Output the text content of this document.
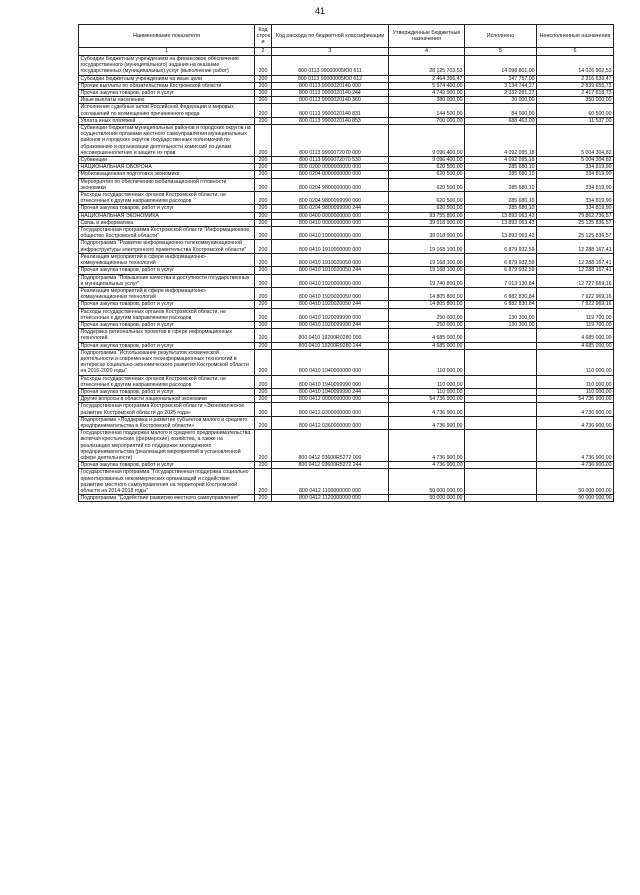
41
Наименование показателя	Код строк и	Код расхода по бюджетной классификации	Утвержденные бюджетные назначения	Исполнено	Неисполненные назначения
1	2	3	4	5	6
Субсидии бюджетным учреждениям на финансовое обеспечение государственного (муниципального) задания на оказание государственных (муниципальных) услуг (выполнение работ)	200	800 0113 99000005Ю0 611	28 125 703,53	14 098 801,00	14 026 902,53
Субсидии бюджетным учреждениям на иные цели	200	800 0113 99000005Ю0 612	2 464 396,47	147 757,00	2 316 639,47
Прочие выплаты по обязательствам Костромской области	200	800 0113 9900020140 000	5 974 400,00	3 134 744,27	2 839 655,73
Прочая закупка товаров, работ и услуг	200	800 0113 9900020140 244	4 749 900,00	2 332 281,27	2 417 618,73
Иные выплаты населению	200	800 0113 9900020140 360	380 000,00	30 000,00	350 000,00
Исполнение судебных актов Российской Федерации и мировых соглашений по возмещению причиненного вреда	200	800 0113 9900020140 831	144 500,00	84 000,00	60 500,00
Уплата иных платежей	200	800 0113 9900020140 853	700 000,00	688 463,00	11 537,00
Субвенции бюджетам муниципальных районов и городских округов на осуществление органами местного самоуправления муниципальных районов и городских округов государственных полномочий по образованию и организации деятельности комиссий по делам несовершеннолетних и защите их прав	200	800 0113 9900072070 000	9 096 400,00	4 092 095,18	5 004 304,82
Субвенции	200	800 0113 9900072070 530	9 096 400,00	4 092 095,18	5 004 304,82
НАЦИОНАЛЬНАЯ ОБОРОНА	200	800 0200 0000000000 000	620 500,00	285 680,10	334 819,90
Мобилизационная подготовка экономики	200	800 0204 0000000000 000	620 500,00	285 680,10	334 819,90
Мероприятия по обеспечению мобилизационной готовности экономики	200	800 0204 9800000000 000	620 500,00	285 680,10	334 819,90
Расходы государственных органов Костромской области, не отнесенные к другим направлениям расходов	200	800 0204 9800099990 000	620 500,00	285 680,10	334 819,90
Прочая закупка товаров, работ и услуг	200	800 0204 9800099990 244	620 500,00	285 680,10	334 819,90
НАЦИОНАЛЬНАЯ ЭКОНОМИКА	200	800 0400 0000000000 000	93 755 800,00	13 893 063,43	79 862 736,57
Связь и информатика	200	800 0410 0000000000 000	39 018 900,00	13 893 063,43	25 125 836,57
Государственная программа Костромской области "Информационное общество Костромской области"	200	800 0410 1900000000 000	39 018 900,00	13 893 063,43	25 125 836,57
Подпрограмма "Развитие информационно-телекоммуникационной инфраструктуры электронного правительства Костромской области"	200	800 0410 1910000000 000	19 168 100,00	6 879 932,59	12 288 167,41
Реализация мероприятий в сфере информационно-коммуникационных технологий	200	800 0410 1910020050 000	19 168 100,00	6 879 932,59	12 288 167,41
Прочая закупка товаров, работ и услуг	200	800 0410 1910020050 244	19 168 100,00	6 879 932,59	12 288 167,41
Подпрограмма "Повышение качества и доступности государственных и муниципальных услуг"	200	800 0410 1920000000 000	19 740 800,00	7 013 130,84	12 727 669,16
Реализация мероприятий в сфере информационно-коммуникационных технологий	200	800 0410 1920020050 000	14 805 800,00	6 882 830,84	7 922 969,16
Прочая закупка товаров, работ и услуг	200	800 0410 1920020050 244	14 805 800,00	6 882 830,84	7 922 969,16
Расходы государственных органов Костромской области, не отнесенные к другим направлениям расходов	200	800 0410 1920099990 000	250 000,00	130 300,00	119 700,00
Прочая закупка товаров, работ и услуг	200	800 0410 1920099990 244	250 000,00	130 300,00	119 700,00
Поддержка региональных проектов в сфере информационных технологий	200	800 0410 19200R0280 000	4 685 000,00		4 685 000,00
Прочая закупка товаров, работ и услуг	200	800 0410 19200R0280 244	4 685 000,00		4 685 000,00
Подпрограмма "Использование результатов космической деятельности и современных геоинформационных технологий в интересах социально-экономического развития Костромской области на 2016-2020 годы"	200	800 0410 1940000000 000	110 000,00		110 000,00
Расходы государственных органов Костромской области, не отнесенные к другим направлениям расходов	200	800 0410 1940099990 000	110 000,00		110 000,00
Прочая закупка товаров, работ и услуг	200	800 0410 1940099990 244	110 000,00		110 000,00
Другие вопросы в области национальной экономики	200	800 0412 0000000000 000	54 736 900,00		54 736 900,00
Государственная программа Костромской области «Экономическое развитие Костромской области до 2025 года»	200	800 0412 0300000000 000	4 736 900,00		4 736 900,00
Подпрограмма «Поддержка и развитие субъектов малого и среднего предпринимательства в Костромской области»	200	800 0412 0360000000 000	4 736 900,00		4 736 900,00
Государственная поддержка малого и среднего предпринимательства, включая крестьянские (фермерские) хозяйства, а также на реализацию мероприятий по поддержке молодежного предпринимательства (реализация мероприятий в установленной сфере деятельности)	200	800 0412 03600R5272 000	4 736 900,00		4 736 900,00
Прочая закупка товаров, работ и услуг	200	800 0412 03600R5272 244	4 736 900,00		4 736 900,00
Государственная программа "Государственная поддержка социально ориентированных некоммерческих организаций и содействие развитию местного самоуправления на территории Костромской области на 2014-2018 годы"	200	800 0412 1100000000 000	50 000 000,00		50 000 000,00
Подпрограмма "Содействие развитию местного самоуправления"	200	800 0412 1120000000 000	50 000 000,00		50 000 000,00
